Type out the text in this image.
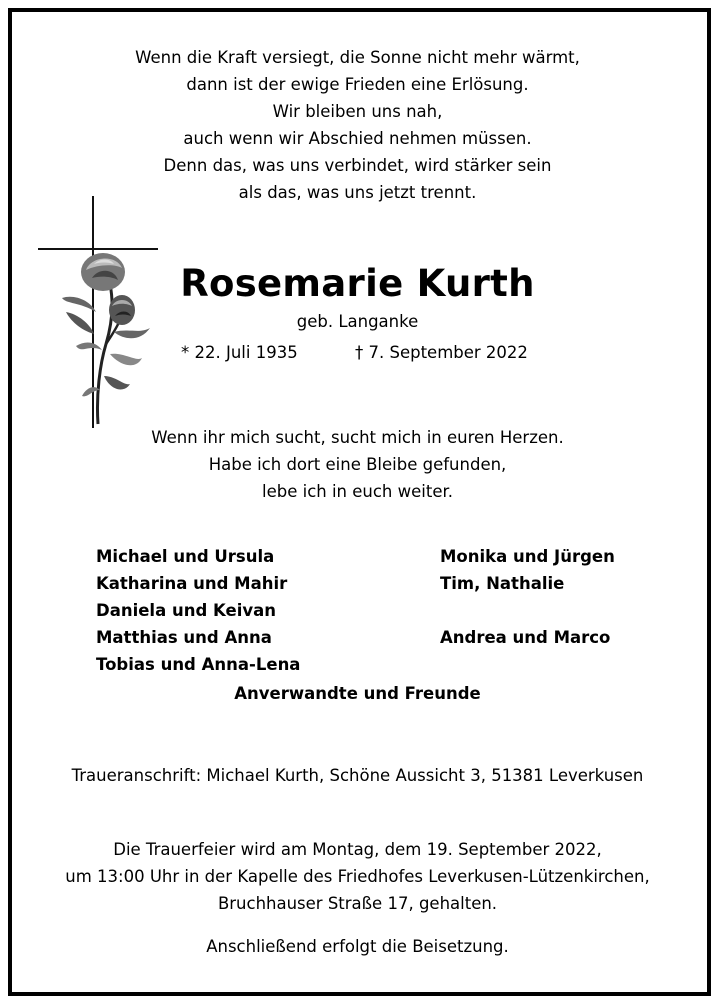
Wenn die Kraft versiegt, die Sonne nicht mehr wärmt,
dann ist der ewige Frieden eine Erlösung.
Wir bleiben uns nah,
auch wenn wir Abschied nehmen müssen.
Denn das, was uns verbindet, wird stärker sein
als das, was uns jetzt trennt.
Rosemarie Kurth
geb. Langanke
* 22. Juli 1935	† 7. September 2022
Wenn ihr mich sucht, sucht mich in euren Herzen.
Habe ich dort eine Bleibe gefunden,
lebe ich in euch weiter.
Michael und Ursula
Katharina und Mahir
Daniela und Keivan
Matthias und Anna
Tobias und Anna-Lena
Monika und Jürgen
Tim, Nathalie
Andrea und Marco
Anverwandte und Freunde
Traueranschrift: Michael Kurth, Schöne Aussicht 3, 51381 Leverkusen
Die Trauerfeier wird am Montag, dem 19. September 2022,
um 13:00 Uhr in der Kapelle des Friedhofes Leverkusen-Lützenkirchen,
Bruchhauser Straße 17, gehalten.
Anschließend erfolgt die Beisetzung.
